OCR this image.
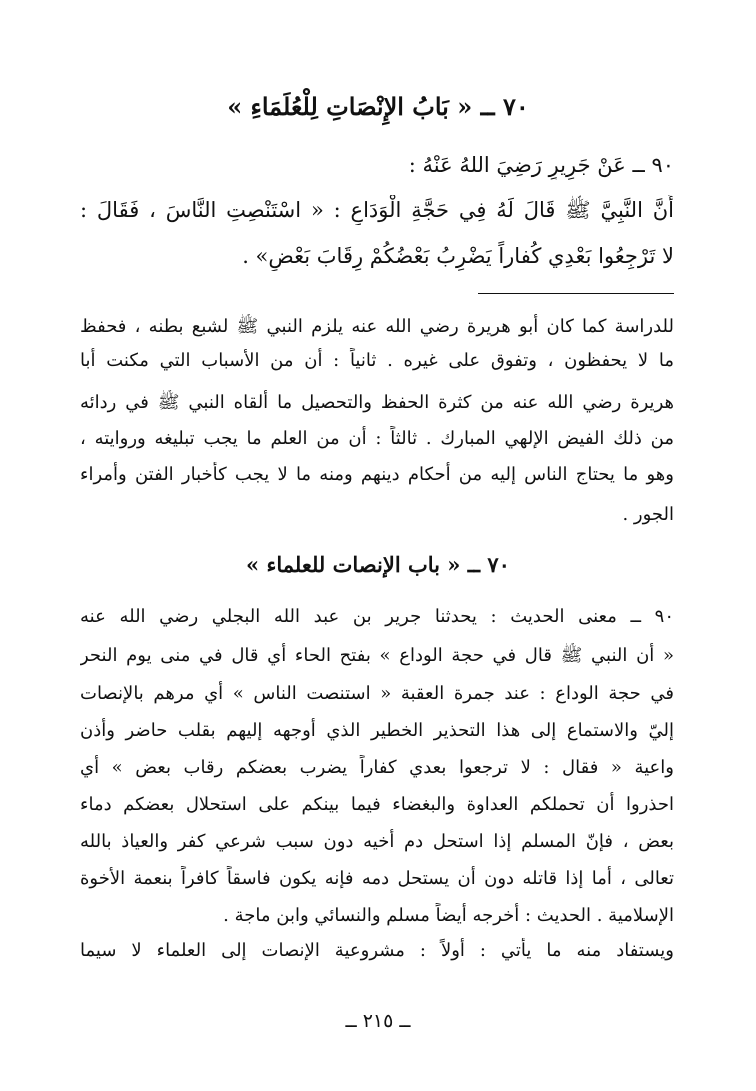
٧٠ ــ « بَابُ الإِنْصَاتِ لِلْعُلَمَاءِ »
٩٠ ــ عَنْ جَرِيرٍ رَضِيَ اللهُ عَنْهُ :
أَنَّ النَّبِيَّ ﷺ قَالَ لَهُ فِي حَجَّةِ الْوَدَاعِ : « اسْتَنْصِتِ النَّاسَ ، فَقَالَ :
لا تَرْجِعُوا بَعْدِي كُفاراً يَضْرِبُ بَعْضُكُمْ رِقَابَ بَعْضٍ» .
للدراسة كما كان أبو هريرة رضي الله عنه يلزم النبي ﷺ لشبع بطنه ، فحفظ
ما لا يحفظون ، وتفوق على غيره . ثانياً : أن من الأسباب التي مكنت أبا
هريرة رضي الله عنه من كثرة الحفظ والتحصيل ما ألقاه النبي ﷺ في ردائه
من ذلك الفيض الإلهي المبارك . ثالثاً : أن من العلم ما يجب تبليغه وروايته ،
وهو ما يحتاج الناس إليه من أحكام دينهم ومنه ما لا يجب كأخبار الفتن وأمراء
الجور .
٧٠ ــ « باب الإنصات للعلماء »
٩٠ ــ معنى الحديث : يحدثنا جرير بن عبد الله البجلي رضي الله عنه
« أن النبي ﷺ قال في حجة الوداع » بفتح الحاء أي قال في منى يوم النحر
في حجة الوداع : عند جمرة العقبة « استنصت الناس » أي مرهم بالإنصات
إليّ والاستماع إلى هذا التحذير الخطير الذي أوجهه إليهم بقلب حاضر وأذن
واعية « فقال : لا ترجعوا بعدي كفاراً يضرب بعضكم رقاب بعض » أي
احذروا أن تحملكم العداوة والبغضاء فيما بينكم على استحلال بعضكم دماء
بعض ، فإنّ المسلم إذا استحل دم أخيه دون سبب شرعي كفر والعياذ بالله
تعالى ، أما إذا قاتله دون أن يستحل دمه فإنه يكون فاسقاً كافراً بنعمة الأخوة
الإسلامية . الحديث : أخرجه أيضاً مسلم والنسائي وابن ماجة .
ويستفاد منه ما يأتي : أولاً : مشروعية الإنصات إلى العلماء لا سيما
ــ ٢١٥ ــ
